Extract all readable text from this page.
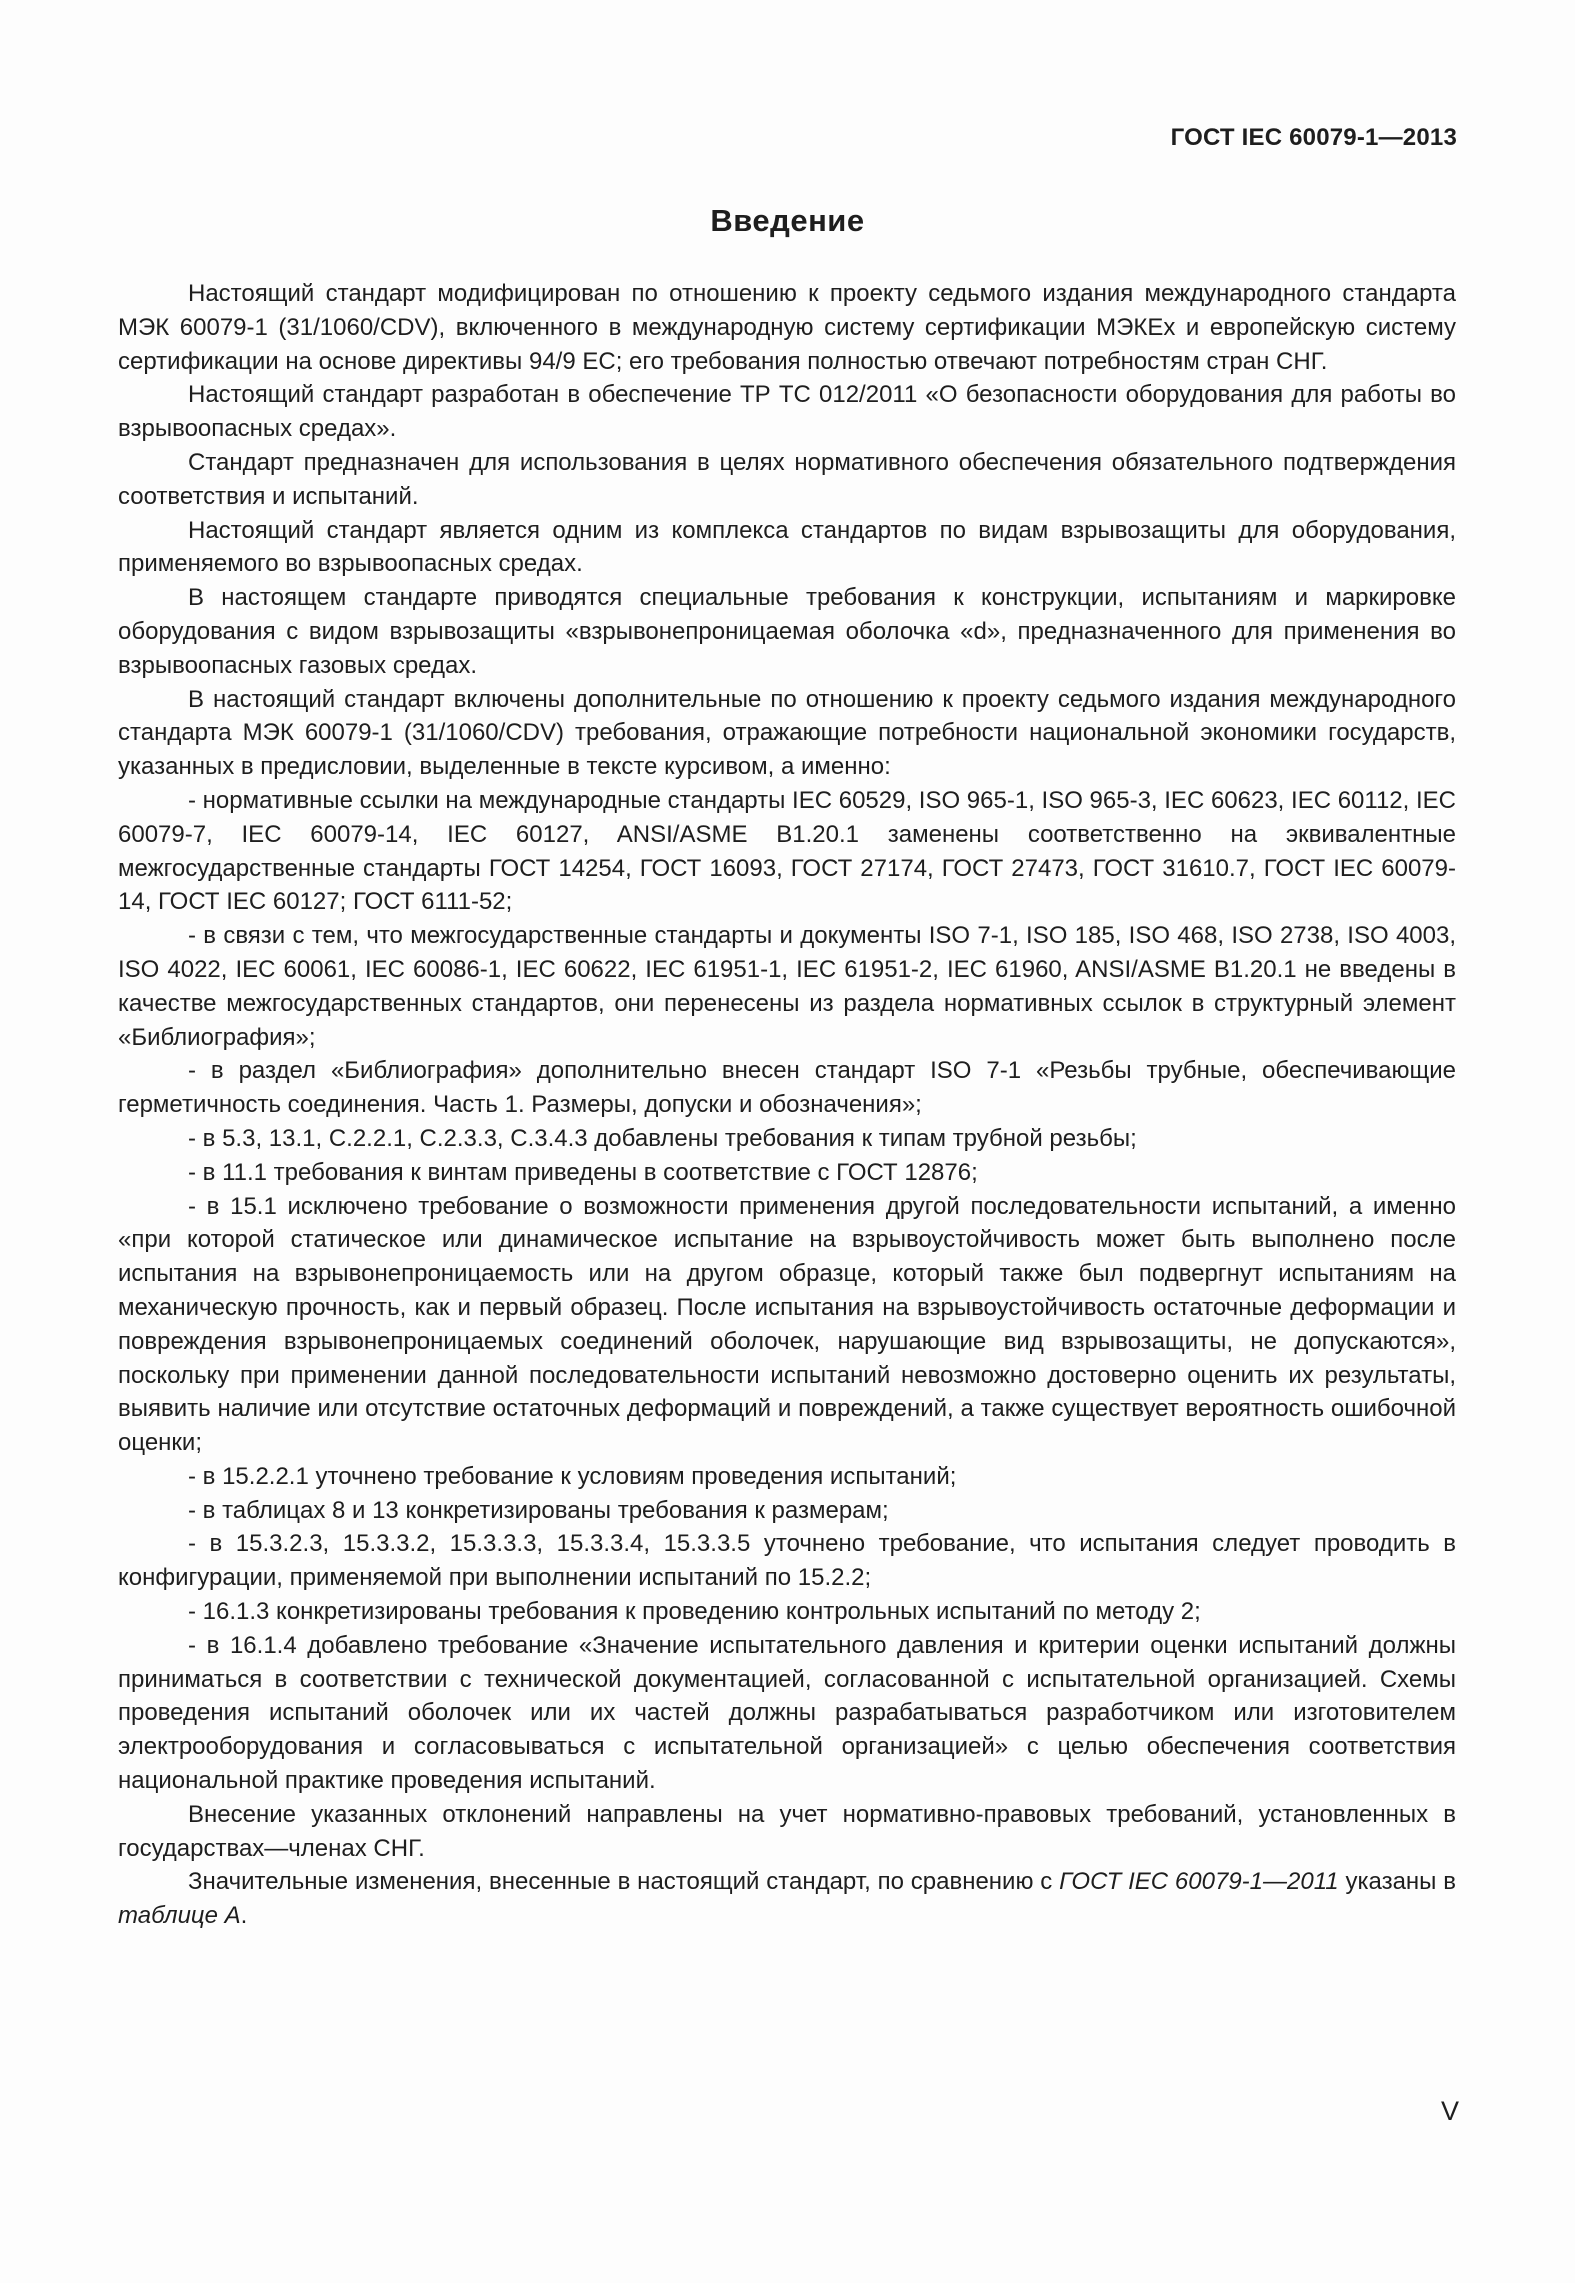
ГОСТ IEC 60079-1—2013
Введение

Настоящий стандарт модифицирован по отношению к проекту седьмого издания международного стандарта МЭК 60079-1 (31/1060/CDV), включенного в международную систему сертификации МЭКЕх и европейскую систему сертификации на основе директивы 94/9 ЕС; его требования полностью отвечают потребностям стран СНГ.

Настоящий стандарт разработан в обеспечение ТР ТС 012/2011 «О безопасности оборудования для работы во взрывоопасных средах».

Стандарт предназначен для использования в целях нормативного обеспечения обязательного подтверждения соответствия и испытаний.

Настоящий стандарт является одним из комплекса стандартов по видам взрывозащиты для оборудования, применяемого во взрывоопасных средах.

В настоящем стандарте приводятся специальные требования к конструкции, испытаниям и маркировке оборудования с видом взрывозащиты «взрывонепроницаемая оболочка «d», предназначенного для применения во взрывоопасных газовых средах.

В настоящий стандарт включены дополнительные по отношению к проекту седьмого издания международного стандарта МЭК 60079-1 (31/1060/CDV) требования, отражающие потребности национальной экономики государств, указанных в предисловии, выделенные в тексте курсивом, а именно:

- нормативные ссылки на международные стандарты IEC 60529, ISO 965-1, ISO 965-3, IEC 60623, IEC 60112, IEC 60079-7, IEC 60079-14, IEC 60127, ANSI/ASME B1.20.1 заменены соответственно на эквивалентные межгосударственные стандарты ГОСТ 14254, ГОСТ 16093, ГОСТ 27174, ГОСТ 27473, ГОСТ 31610.7, ГОСТ IEC 60079-14, ГОСТ IEC 60127; ГОСТ 6111-52;

- в связи с тем, что межгосударственные стандарты и документы ISO 7-1, ISO 185, ISO 468, ISO 2738, ISO 4003, ISO 4022, IEC 60061, IEC 60086-1, IEC 60622, IEC 61951-1, IEC 61951-2, IEC 61960, ANSI/ASME B1.20.1 не введены в качестве межгосударственных стандартов, они перенесены из раздела нормативных ссылок в структурный элемент «Библиография»;

- в раздел «Библиография» дополнительно внесен стандарт ISO 7-1 «Резьбы трубные, обеспечивающие герметичность соединения. Часть 1. Размеры, допуски и обозначения»;

- в 5.3, 13.1, С.2.2.1, С.2.3.3, С.3.4.3 добавлены требования к типам трубной резьбы;

- в 11.1 требования к винтам приведены в соответствие с ГОСТ 12876;

- в 15.1 исключено требование о возможности применения другой последовательности испытаний, а именно «при которой статическое или динамическое испытание на взрывоустойчивость может быть выполнено после испытания на взрывонепроницаемость или на другом образце, который также был подвергнут испытаниям на механическую прочность, как и первый образец. После испытания на взрывоустойчивость остаточные деформации и повреждения взрывонепроницаемых соединений оболочек, нарушающие вид взрывозащиты, не допускаются», поскольку при применении данной последовательности испытаний невозможно достоверно оценить их результаты, выявить наличие или отсутствие остаточных деформаций и повреждений, а также существует вероятность ошибочной оценки;

- в 15.2.2.1 уточнено требование к условиям проведения испытаний;

- в таблицах 8 и 13 конкретизированы требования к размерам;

- в 15.3.2.3, 15.3.3.2, 15.3.3.3, 15.3.3.4, 15.3.3.5 уточнено требование, что испытания следует проводить в конфигурации, применяемой при выполнении испытаний по 15.2.2;

- 16.1.3 конкретизированы требования к проведению контрольных испытаний по методу 2;

- в 16.1.4 добавлено требование «Значение испытательного давления и критерии оценки испытаний должны приниматься в соответствии с технической документацией, согласованной с испытательной организацией. Схемы проведения испытаний оболочек или их частей должны разрабатываться разработчиком или изготовителем электрооборудования и согласовываться с испытательной организацией» с целью обеспечения соответствия национальной практике проведения испытаний.

Внесение указанных отклонений направлены на учет нормативно-правовых требований, установленных в государствах—членах СНГ.

Значительные изменения, внесенные в настоящий стандарт, по сравнению с ГОСТ IEC 60079-1—2011 указаны в таблице А.

V
